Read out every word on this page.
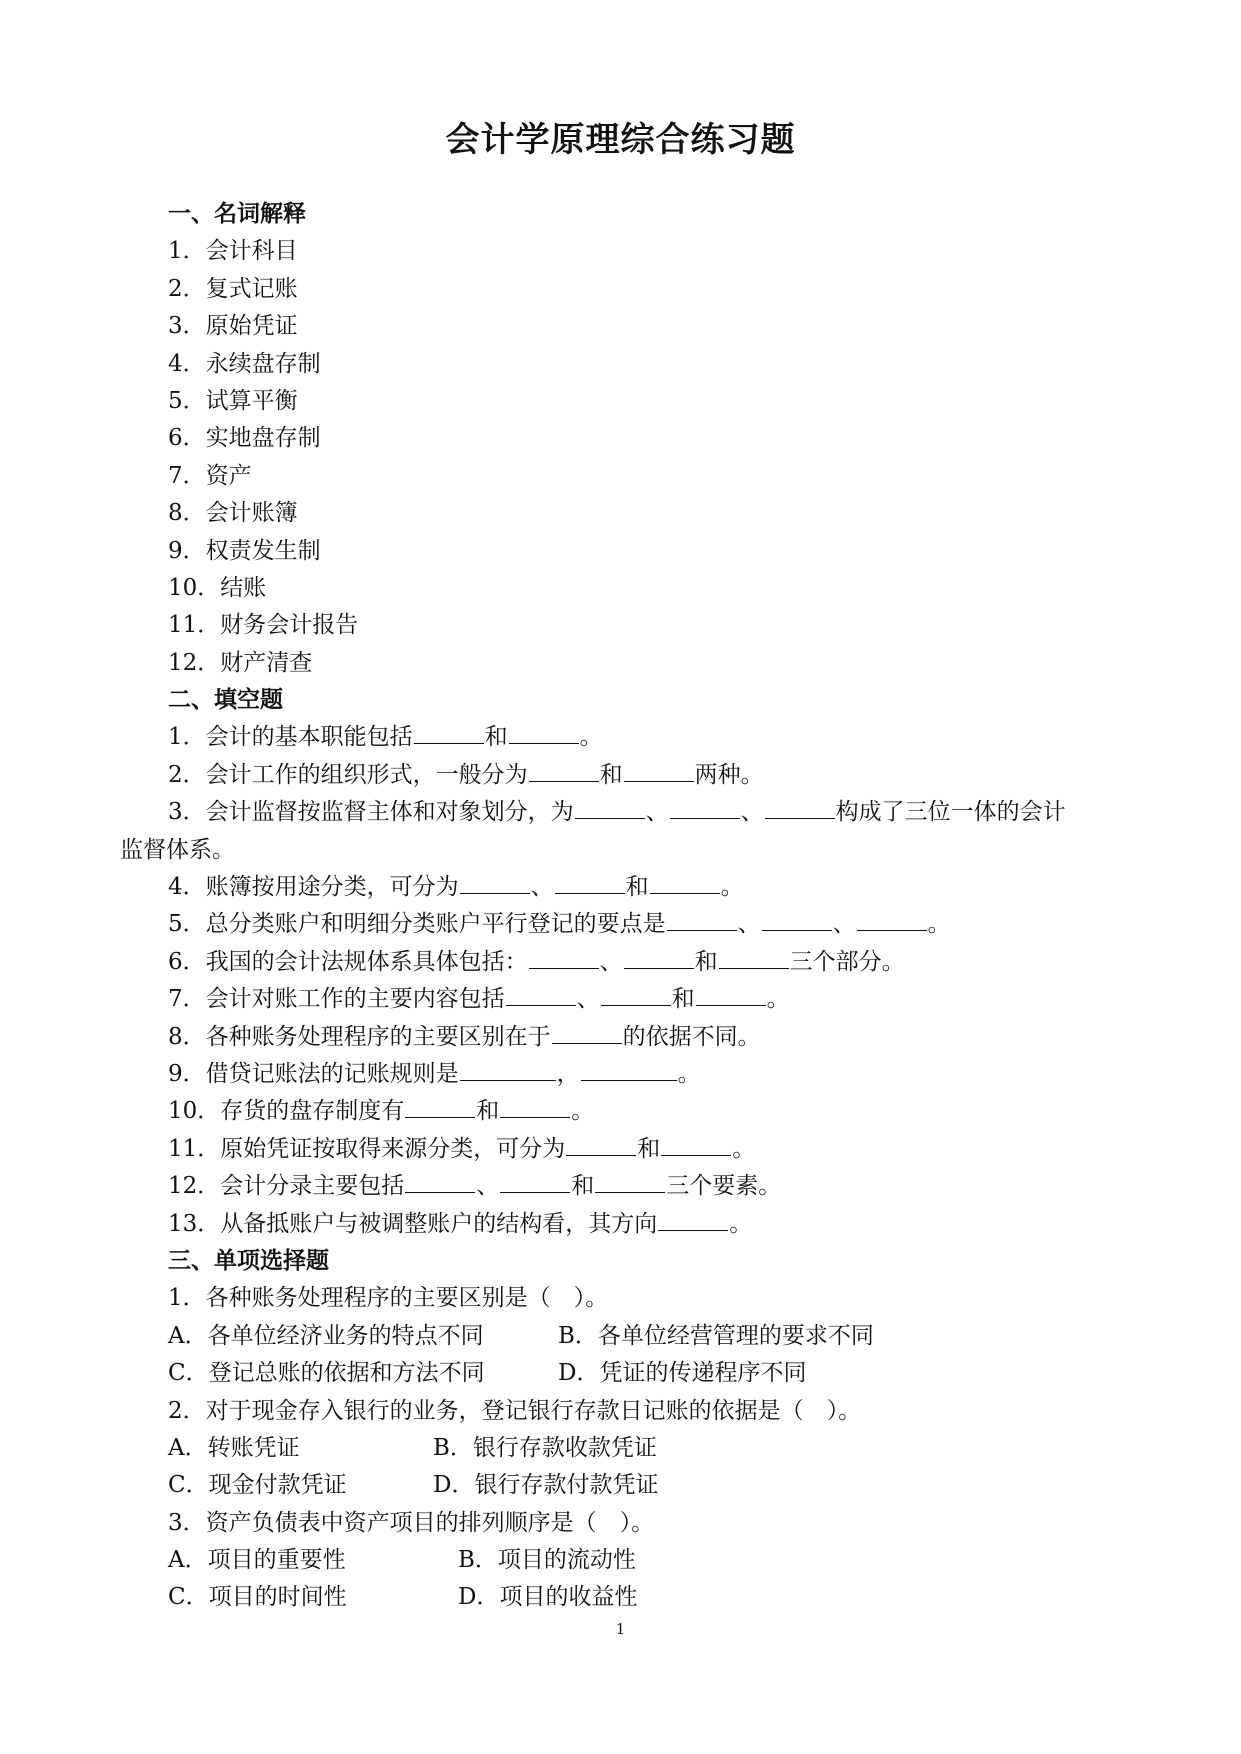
会计学原理综合练习题
一、名词解释
1．会计科目
2．复式记账
3．原始凭证
4．永续盘存制
5．试算平衡
6．实地盘存制
7．资产
8．会计账簿
9．权责发生制
10．结账
11．财务会计报告
12．财产清查
二、填空题
1．会计的基本职能包括	和	。
2．会计工作的组织形式，一般分为	和	两种。
3．会计监督按监督主体和对象划分，为	、	、	构成了三位一体的会计
监督体系。
4．账簿按用途分类，可分为	、	和	。
5．总分类账户和明细分类账户平行登记的要点是	、	、	。
6．我国的会计法规体系具体包括：	、	和	三个部分。
7．会计对账工作的主要内容包括	、	和	。
8．各种账务处理程序的主要区别在于	的依据不同。
9．借贷记账法的记账规则是	，	。
10．存货的盘存制度有	和	。
11．原始凭证按取得来源分类，可分为	和	。
12．会计分录主要包括	、	和	三个要素。
13．从备抵账户与被调整账户的结构看，其方向	。
三、单项选择题
1．各种账务处理程序的主要区别是（　）。
A．各单位经济业务的特点不同	B．各单位经营管理的要求不同
C．登记总账的依据和方法不同	D．凭证的传递程序不同
2．对于现金存入银行的业务，登记银行存款日记账的依据是（　）。
A．转账凭证	B．银行存款收款凭证
C．现金付款凭证	D．银行存款付款凭证
3．资产负债表中资产项目的排列顺序是（　）。
A．项目的重要性	B．项目的流动性
C．项目的时间性	D．项目的收益性
1
